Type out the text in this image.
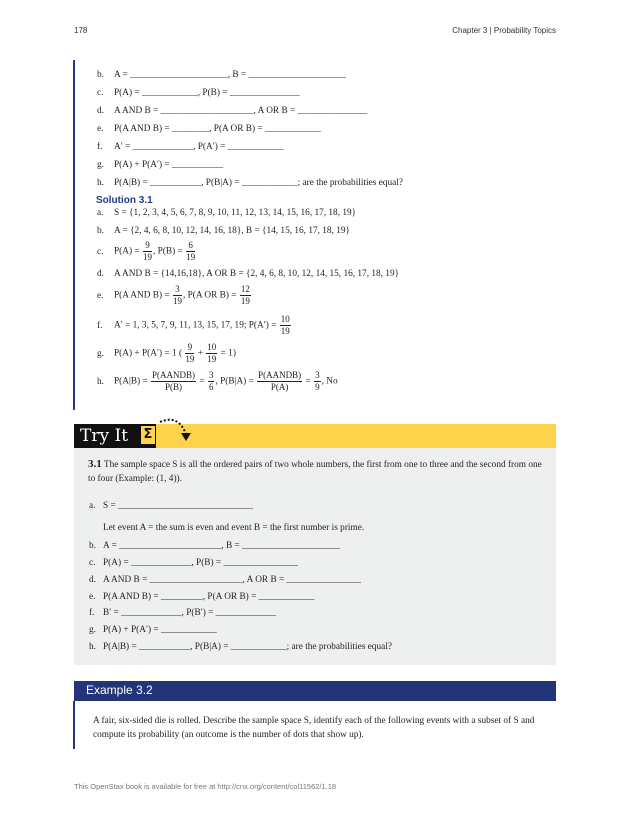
178	Chapter 3 | Probability Topics
b. A = _____________________, B = _____________________
c. P(A) = ____________, P(B) = _______________
d. A AND B = ____________________, A OR B = _______________
e. P(A AND B) = ________, P(A OR B) = ____________
f. A′ = _____________, P(A′) = ____________
g. P(A) + P(A′) = ___________
h. P(A|B) = ___________, P(B|A) = ____________; are the probabilities equal?
Solution 3.1
a. S = {1, 2, 3, 4, 5, 6, 7, 8, 9, 10, 11, 12, 13, 14, 15, 16, 17, 18, 19}
b. A = {2, 4, 6, 8, 10, 12, 14, 16, 18}, B = {14, 15, 16, 17, 18, 19}
c. $P(A) = \frac{9}{19}$ , $P(B) = \frac{6}{19}$
d. A AND B = {14,16,18}, A OR B = {2, 4, 6, 8, 10, 12, 14, 15, 16, 17, 18, 19}
e. P(A AND $B) = \frac{3}{19}$ , P(A OR $B) = \frac{12}{19}$
f. A′ = 1, 3, 5, 7, 9, 11, 13, 15, 17, 19; $P(A') = \frac{10}{19}$
g. P(A) + P(A′) = 1 ( $\frac{9}{19} + \frac{10}{19} = 1$)
h. $P(A|B) = \frac{\text{P(AANDB)}}{P(B)} = \frac{3}{6}$ , $P(B|A) = \frac{\text{P(AANDB)}}{P(A)} = \frac{3}{9}$ , No
Try It Σ
3.1 The sample space S is all the ordered pairs of two whole numbers, the first from one to three and the second from one to four (Example: (1, 4)).
a. S = _____________________________
Let event A = the sum is even and event B = the first number is prime.
b. A = ______________________, B = _____________________
c. P(A) = _____________, P(B) = ________________
d. A AND B = ____________________, A OR B = ________________
e. P(A AND B) = _________, P(A OR B) = ____________
f. B′ = _____________, P(B′) = _____________
g. P(A) + P(A′) = ____________
h. P(A|B) = ___________, P(B|A) = ____________; are the probabilities equal?
Example 3.2
A fair, six-sided die is rolled. Describe the sample space S, identify each of the following events with a subset of S and compute its probability (an outcome is the number of dots that show up).
This OpenStax book is available for free at http://cnx.org/content/col11562/1.18
